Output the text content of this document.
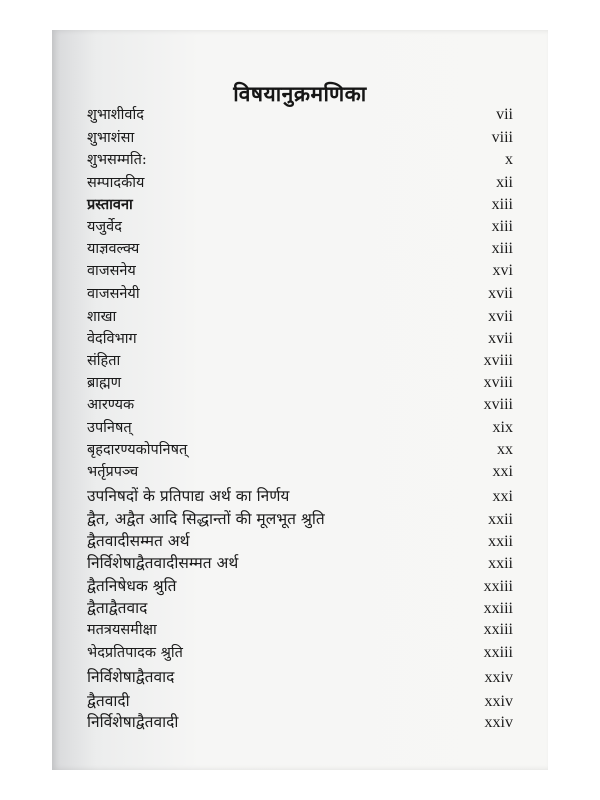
विषयानुक्रमणिका
शुभाशीर्वाद	vii
शुभाशंसा	viii
शुभसम्मति:	x
सम्पादकीय	xii
प्रस्तावना	xiii
यजुर्वेद	xiii
याज्ञवल्क्य	xiii
वाजसनेय	xvi
वाजसनेयी	xvii
शाखा	xvii
वेदविभाग	xvii
संहिता	xviii
ब्राह्मण	xviii
आरण्यक	xviii
उपनिषत्	xix
बृहदारण्यकोपनिषत्	xx
भर्तृप्रपञ्च	xxi
उपनिषदों के प्रतिपाद्य अर्थ का निर्णय	xxi
द्वैत, अद्वैत आदि सिद्धान्तों की मूलभूत श्रुति	xxii
द्वैतवादीसम्मत अर्थ	xxii
निर्विशेषाद्वैतवादीसम्मत अर्थ	xxii
द्वैतनिषेधक श्रुति	xxiii
द्वैताद्वैतवाद	xxiii
मतत्रयसमीक्षा	xxiii
भेदप्रतिपादक श्रुति	xxiii
निर्विशेषाद्वैतवाद	xxiv
द्वैतवादी	xxiv
निर्विशेषाद्वैतवादी	xxiv
